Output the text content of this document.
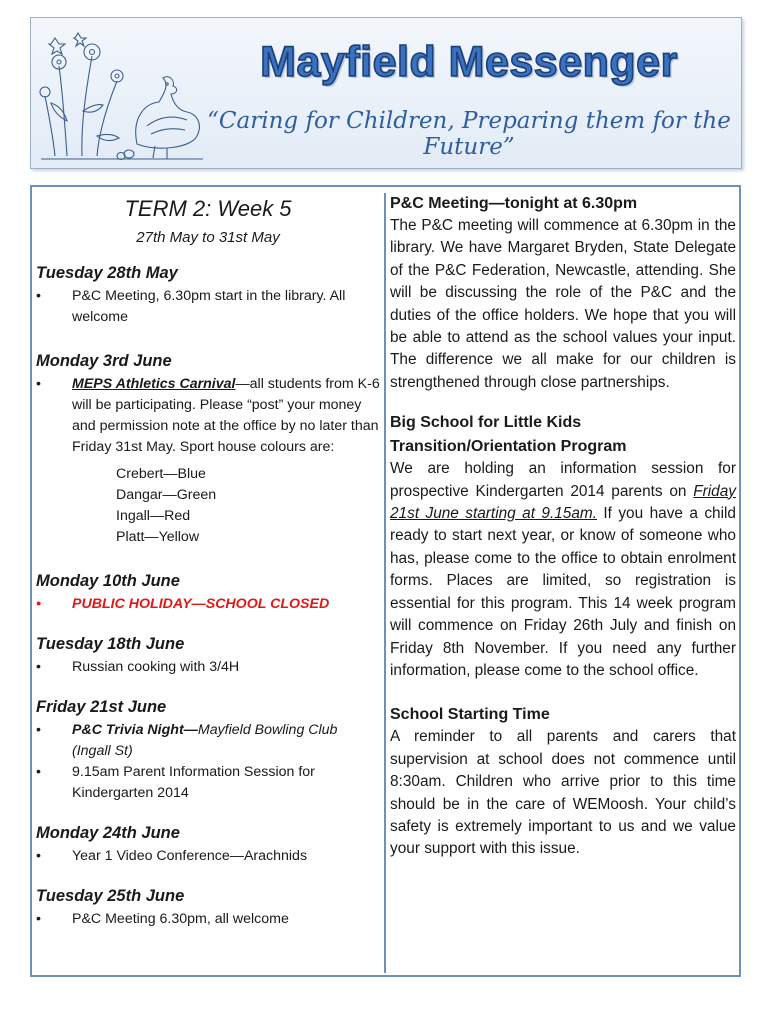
Mayfield Messenger
“Caring for Children, Preparing them for the Future”
TERM 2: Week 5
27th May to 31st May
Tuesday 28th May
• P&C Meeting, 6.30pm start in the library. All welcome
Monday 3rd June
• MEPS Athletics Carnival—all students from K-6 will be participating. Please “post” your money and permission note at the office by no later than Friday 31st May. Sport house colours are:
Crebert—Blue
Dangar—Green
Ingall—Red
Platt—Yellow
Monday 10th June
• PUBLIC HOLIDAY—SCHOOL CLOSED
Tuesday 18th June
• Russian cooking with 3/4H
Friday 21st June
• P&C Trivia Night—Mayfield Bowling Club (Ingall St)
• 9.15am Parent Information Session for Kindergarten 2014
Monday 24th June
• Year 1 Video Conference—Arachnids
Tuesday 25th June
• P&C Meeting 6.30pm, all welcome
P&C Meeting—tonight at 6.30pm
The P&C meeting will commence at 6.30pm in the library. We have Margaret Bryden, State Delegate of the P&C Federation, Newcastle, attending. She will be discussing the role of the P&C and the duties of the office holders. We hope that you will be able to attend as the school values your input. The difference we all make for our children is strengthened through close partnerships.
Big School for Little Kids
Transition/Orientation Program
We are holding an information session for prospective Kindergarten 2014 parents on Friday 21st June starting at 9.15am. If you have a child ready to start next year, or know of someone who has, please come to the office to obtain enrolment forms. Places are limited, so registration is essential for this program. This 14 week program will commence on Friday 26th July and finish on Friday 8th November. If you need any further information, please come to the school office.
School Starting Time
A reminder to all parents and carers that supervision at school does not commence until 8:30am. Children who arrive prior to this time should be in the care of WEMoosh. Your child’s safety is extremely important to us and we value your support with this issue.
